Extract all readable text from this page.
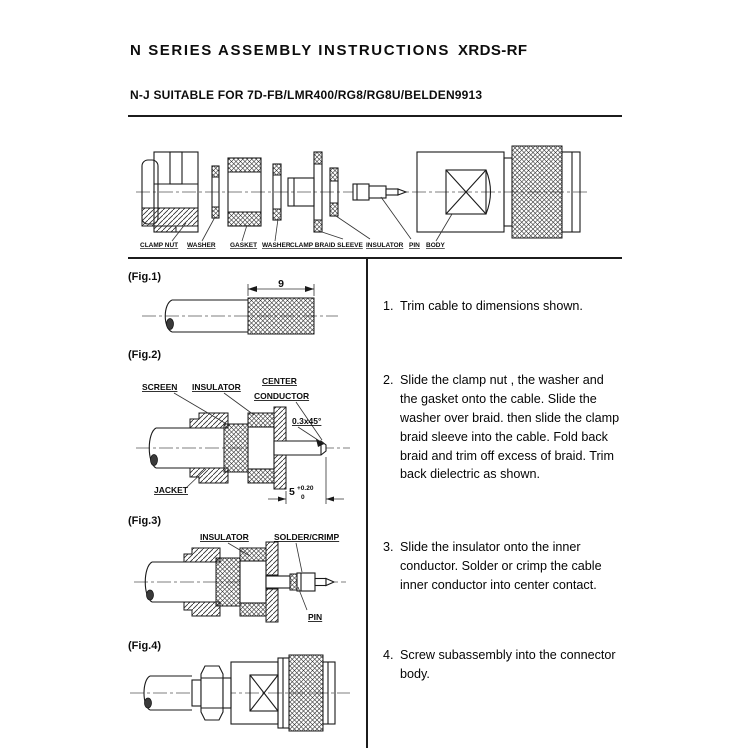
N SERIES ASSEMBLY INSTRUCTIONS XRDS-RF
N-J SUITABLE FOR 7D-FB/LMR400/RG8/RG8U/BELDEN9913
CLAMP NUT WASHER GASKET WASHER CLAMP BRAID SLEEVE INSULATOR PIN BODY
(Fig.1)
9
1. Trim cable to dimensions shown.
(Fig.2)
SCREEN INSULATOR
CENTER
CONDUCTOR
0.3x45°
JACKET	5 +0.20
0
2. Slide the clamp nut , the washer and the gasket onto the cable. Slide the washer over braid. then slide the clamp braid sleeve into the cable. Fold back braid and trim off excess of braid. Trim back dielectric as shown.
(Fig.3)
INSULATOR	SOLDER/CRIMP
PIN
3. Slide the insulator onto the inner conductor. Solder or crimp the cable inner conductor into center contact.
(Fig.4)
4. Screw subassembly into the connector body.
